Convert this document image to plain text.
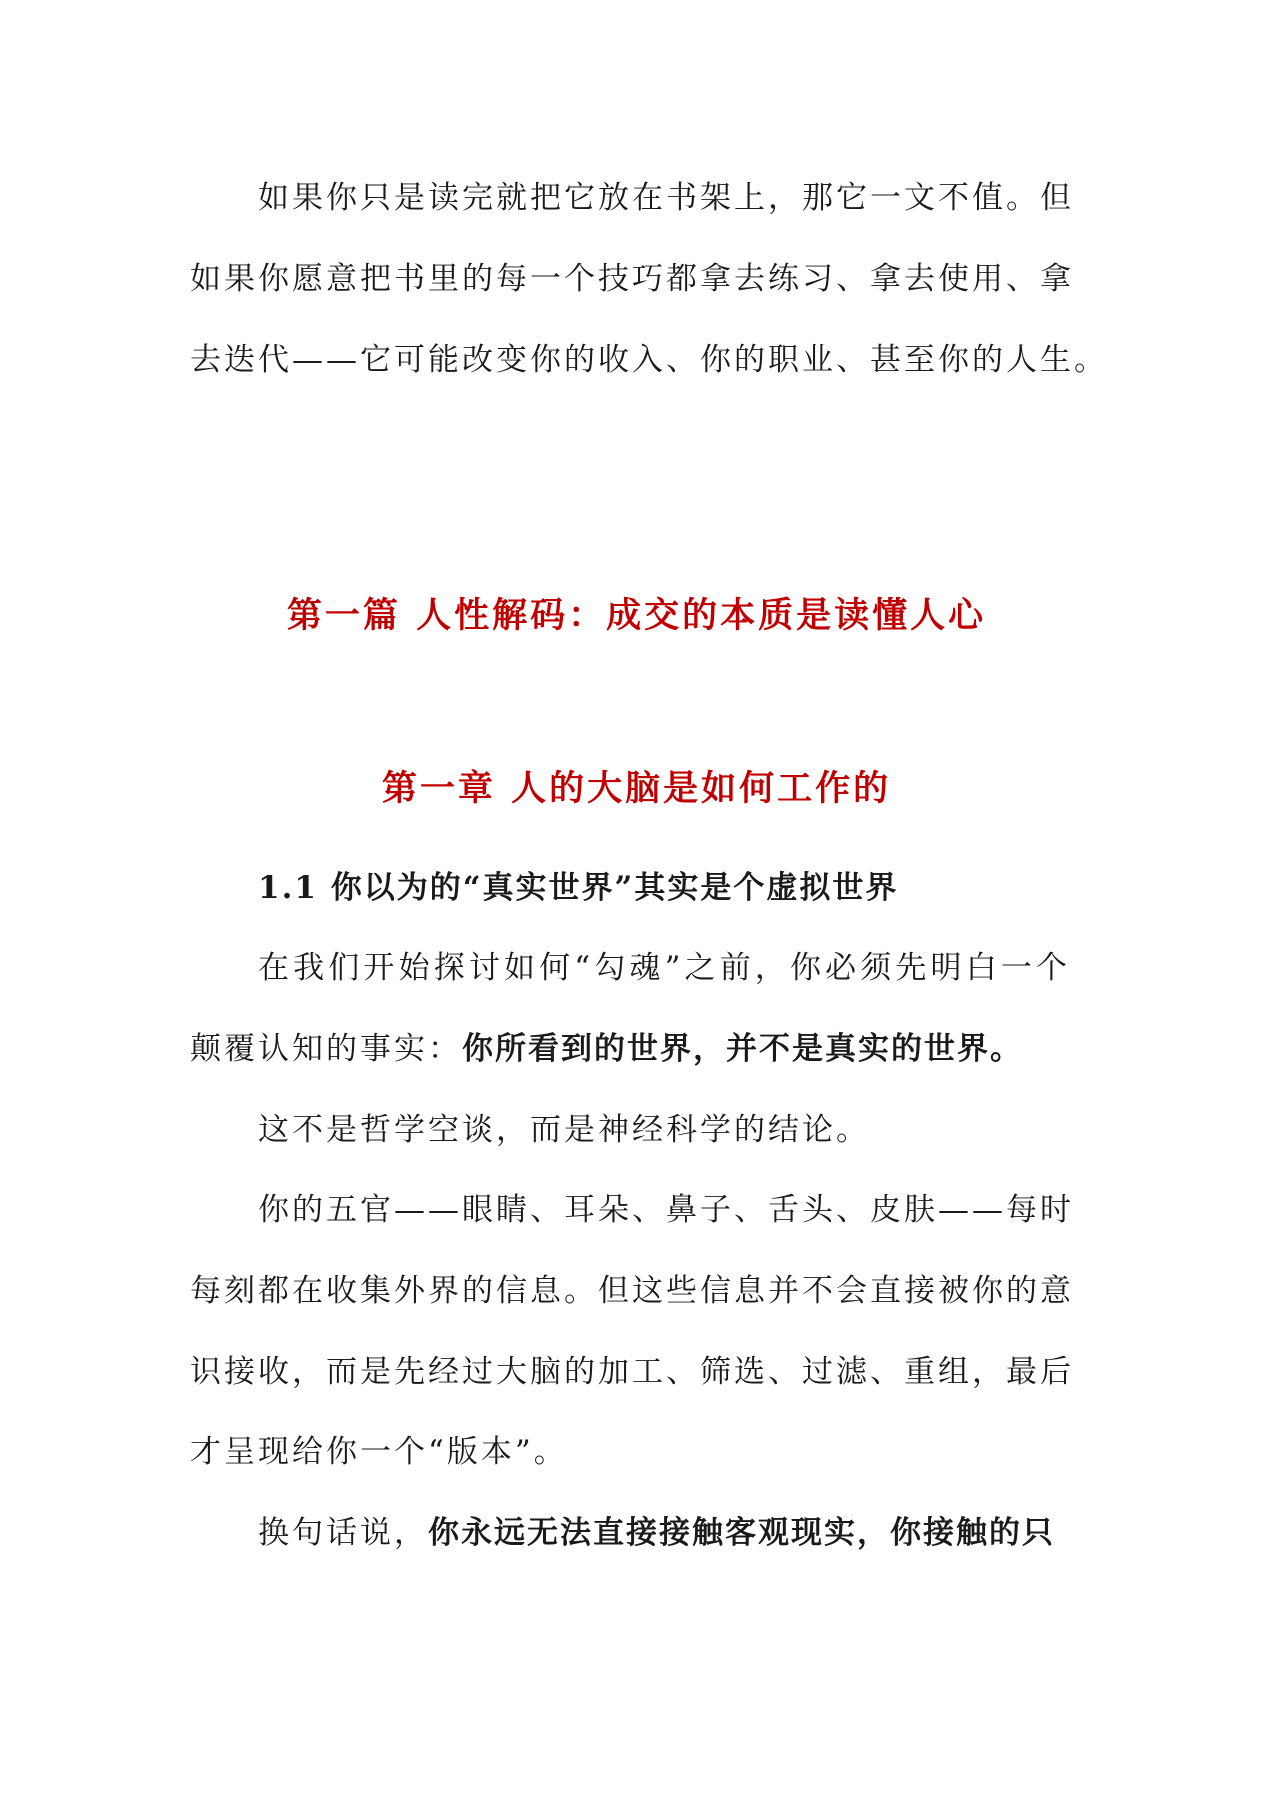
如果你只是读完就把它放在书架上，那它一文不值。但
如果你愿意把书里的每一个技巧都拿去练习、拿去使用、拿
去迭代——它可能改变你的收入、你的职业、甚至你的人生。
第一篇 人性解码：成交的本质是读懂人心
第一章 人的大脑是如何工作的
1.1 你以为的“真实世界”其实是个虚拟世界
在我们开始探讨如何“勾魂”之前，你必须先明白一个
颠覆认知的事实：你所看到的世界，并不是真实的世界。
这不是哲学空谈，而是神经科学的结论。
你的五官——眼睛、耳朵、鼻子、舌头、皮肤——每时
每刻都在收集外界的信息。但这些信息并不会直接被你的意
识接收，而是先经过大脑的加工、筛选、过滤、重组，最后
才呈现给你一个“版本”。
换句话说，你永远无法直接接触客观现实，你接触的只
